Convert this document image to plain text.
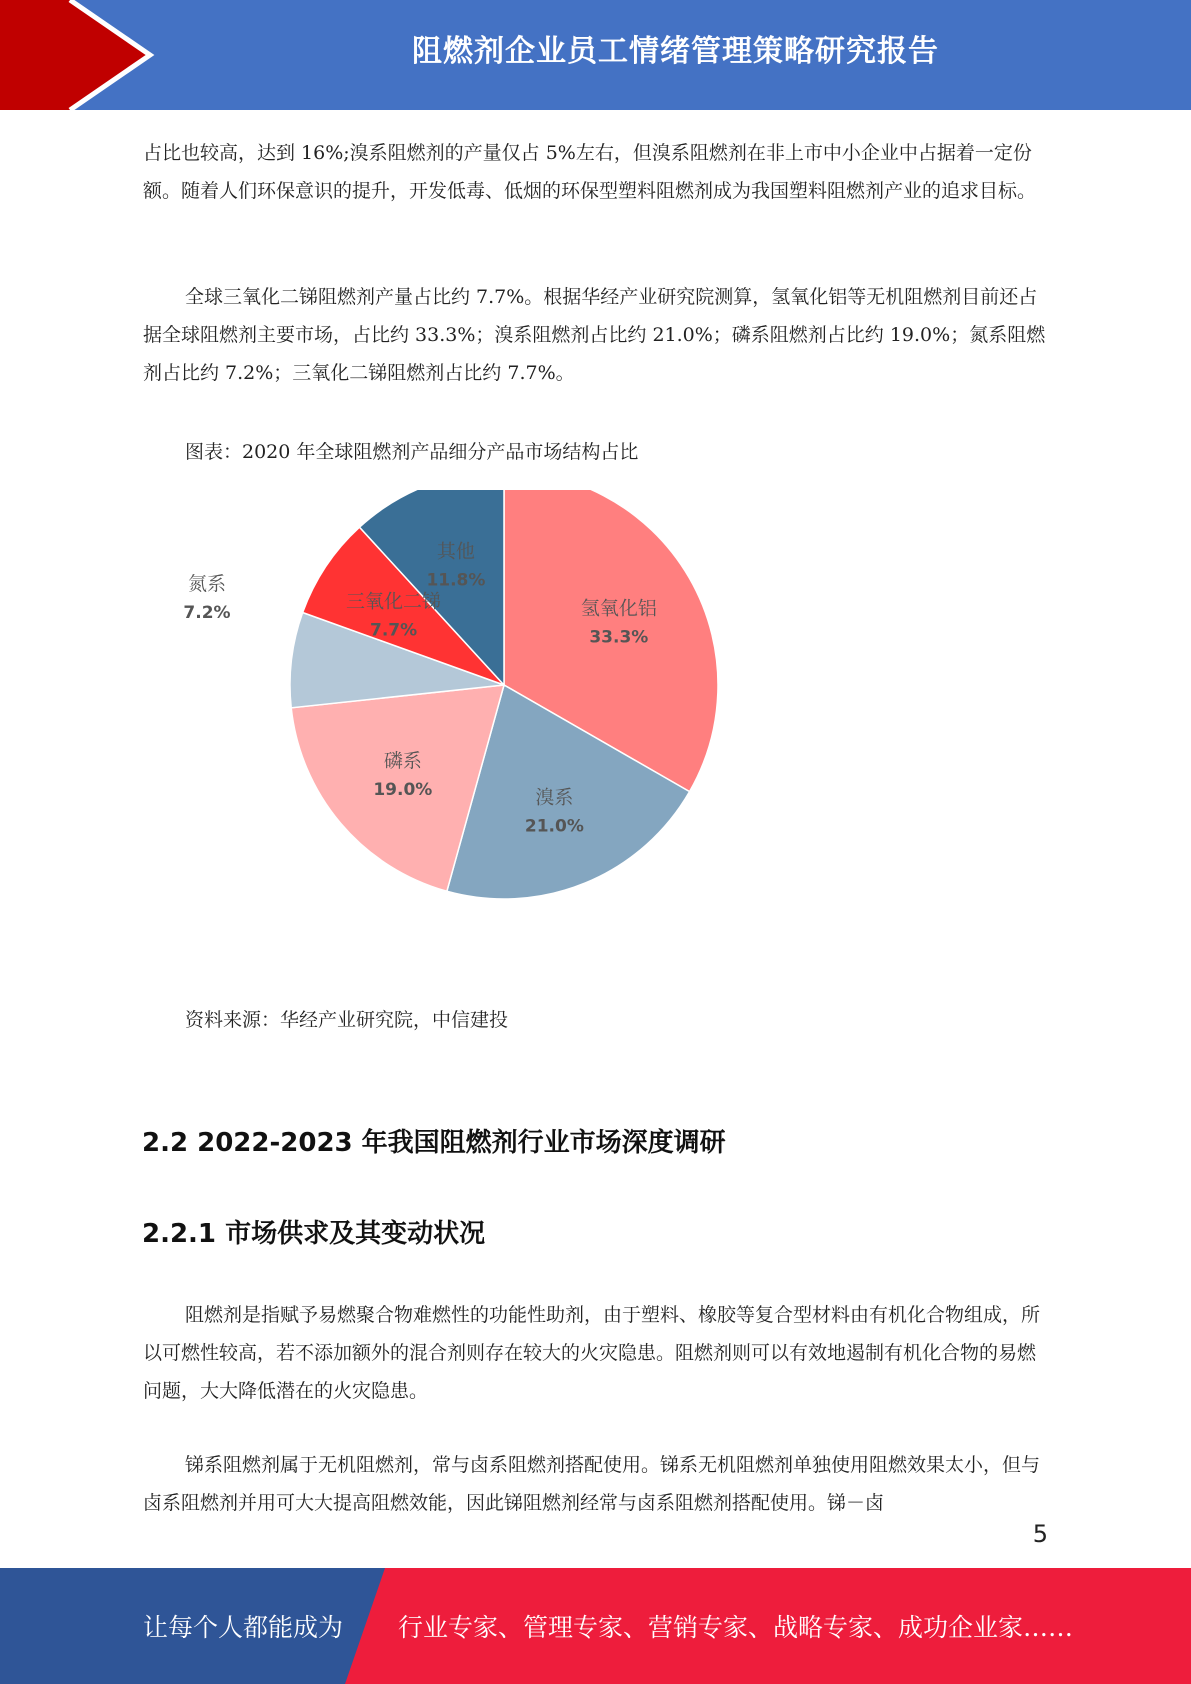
阻燃剂企业员工情绪管理策略研究报告

占比也较高，达到 16%;溴系阻燃剂的产量仅占 5%左右，但溴系阻燃剂在非上市中小企业中占据着一定份额。随着人们环保意识的提升，开发低毒、低烟的环保型塑料阻燃剂成为我国塑料阻燃剂产业的追求目标。

全球三氧化二锑阻燃剂产量占比约 7.7%。根据华经产业研究院测算，氢氧化铝等无机阻燃剂目前还占据全球阻燃剂主要市场，占比约 33.3%；溴系阻燃剂占比约 21.0%；磷系阻燃剂占比约 19.0%；氮系阻燃剂占比约 7.2%；三氧化二锑阻燃剂占比约 7.7%。

图表：2020 年全球阻燃剂产品细分产品市场结构占比
氢氧化铝
33.3%
溴系
21.0%
磷系
19.0%
氮系
7.2%
三氧化二锑
7.7%
其他
11.8%
资料来源：华经产业研究院，中信建投
2.2 2022-2023 年我国阻燃剂行业市场深度调研
2.2.1 市场供求及其变动状况

阻燃剂是指赋予易燃聚合物难燃性的功能性助剂，由于塑料、橡胶等复合型材料由有机化合物组成，所以可燃性较高，若不添加额外的混合剂则存在较大的火灾隐患。阻燃剂则可以有效地遏制有机化合物的易燃问题，大大降低潜在的火灾隐患。

锑系阻燃剂属于无机阻燃剂，常与卤系阻燃剂搭配使用。锑系无机阻燃剂单独使用阻燃效果太小，但与卤系阻燃剂并用可大大提高阻燃效能，因此锑阻燃剂经常与卤系阻燃剂搭配使用。锑－卤

5
让每个人都能成为 行业专家、管理专家、营销专家、战略专家、成功企业家……
